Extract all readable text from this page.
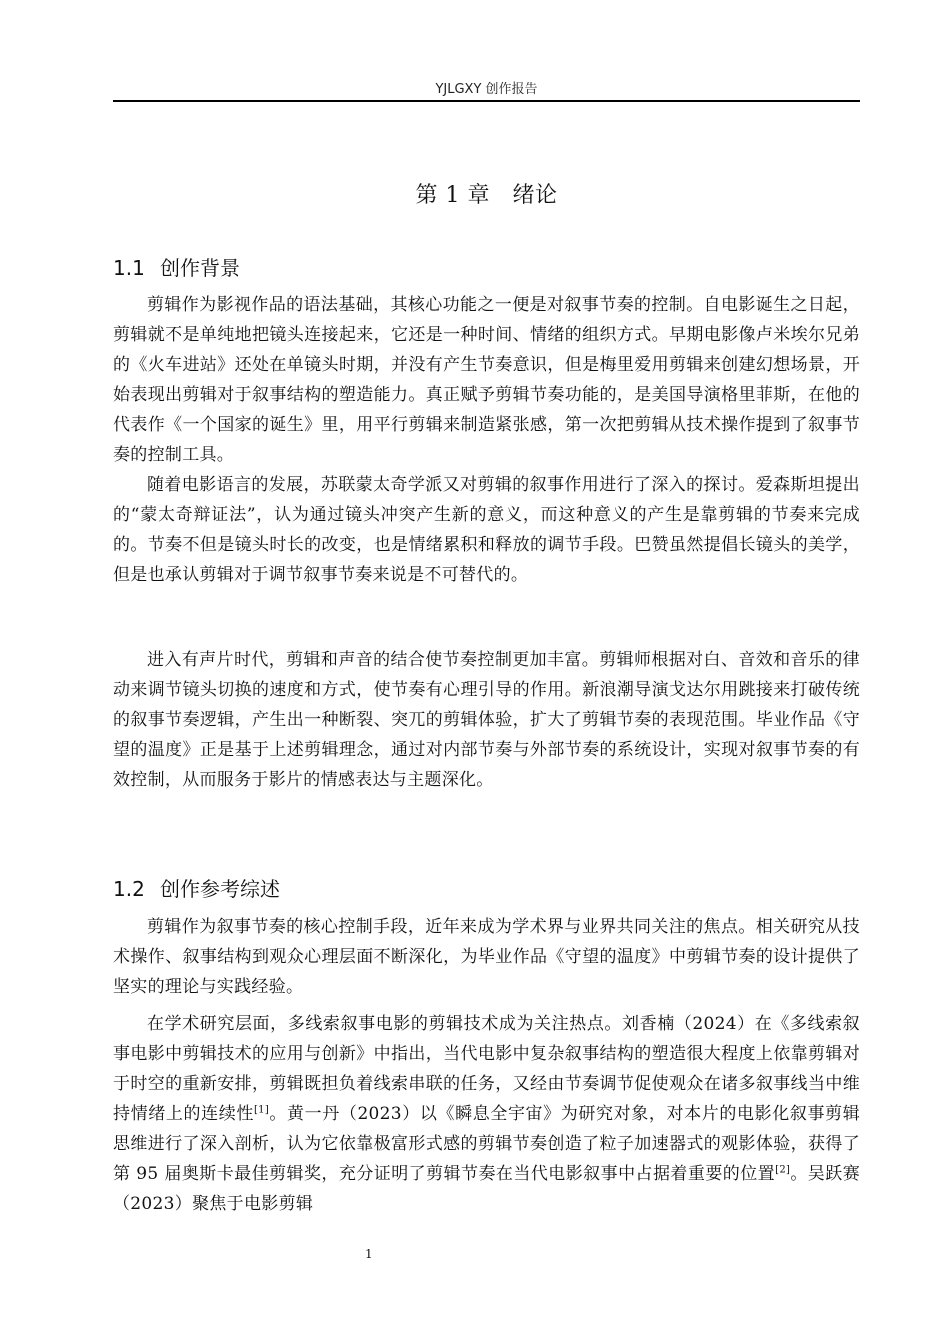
YJLGXY 创作报告
第 1 章　绪论
1.1 创作背景

剪辑作为影视作品的语法基础，其核心功能之一便是对叙事节奏的控制。自电影诞生之日起，剪辑就不是单纯地把镜头连接起来，它还是一种时间、情绪的组织方式。早期电影像卢米埃尔兄弟的《火车进站》还处在单镜头时期，并没有产生节奏意识，但是梅里爱用剪辑来创建幻想场景，开始表现出剪辑对于叙事结构的塑造能力。真正赋予剪辑节奏功能的，是美国导演格里菲斯，在他的代表作《一个国家的诞生》里，用平行剪辑来制造紧张感，第一次把剪辑从技术操作提到了叙事节奏的控制工具。

随着电影语言的发展，苏联蒙太奇学派又对剪辑的叙事作用进行了深入的探讨。爱森斯坦提出的“蒙太奇辩证法”，认为通过镜头冲突产生新的意义，而这种意义的产生是靠剪辑的节奏来完成的。节奏不但是镜头时长的改变，也是情绪累积和释放的调节手段。巴赞虽然提倡长镜头的美学，但是也承认剪辑对于调节叙事节奏来说是不可替代的。

进入有声片时代，剪辑和声音的结合使节奏控制更加丰富。剪辑师根据对白、音效和音乐的律动来调节镜头切换的速度和方式，使节奏有心理引导的作用。新浪潮导演戈达尔用跳接来打破传统的叙事节奏逻辑，产生出一种断裂、突兀的剪辑体验，扩大了剪辑节奏的表现范围。毕业作品《守望的温度》正是基于上述剪辑理念，通过对内部节奏与外部节奏的系统设计，实现对叙事节奏的有效控制，从而服务于影片的情感表达与主题深化。

1.2 创作参考综述

剪辑作为叙事节奏的核心控制手段，近年来成为学术界与业界共同关注的焦点。相关研究从技术操作、叙事结构到观众心理层面不断深化，为毕业作品《守望的温度》中剪辑节奏的设计提供了坚实的理论与实践经验。

在学术研究层面，多线索叙事电影的剪辑技术成为关注热点。刘香楠（2024）在《多线索叙事电影中剪辑技术的应用与创新》中指出，当代电影中复杂叙事结构的塑造很大程度上依靠剪辑对于时空的重新安排，剪辑既担负着线索串联的任务，又经由节奏调节促使观众在诸多叙事线当中维持情绪上的连续性[1]。黄一丹（2023）以《瞬息全宇宙》为研究对象，对本片的电影化叙事剪辑思维进行了深入剖析，认为它依靠极富形式感的剪辑节奏创造了粒子加速器式的观影体验，获得了第 95 届奥斯卡最佳剪辑奖，充分证明了剪辑节奏在当代电影叙事中占据着重要的位置[2]。吴跃赛（2023）聚焦于电影剪辑

1
